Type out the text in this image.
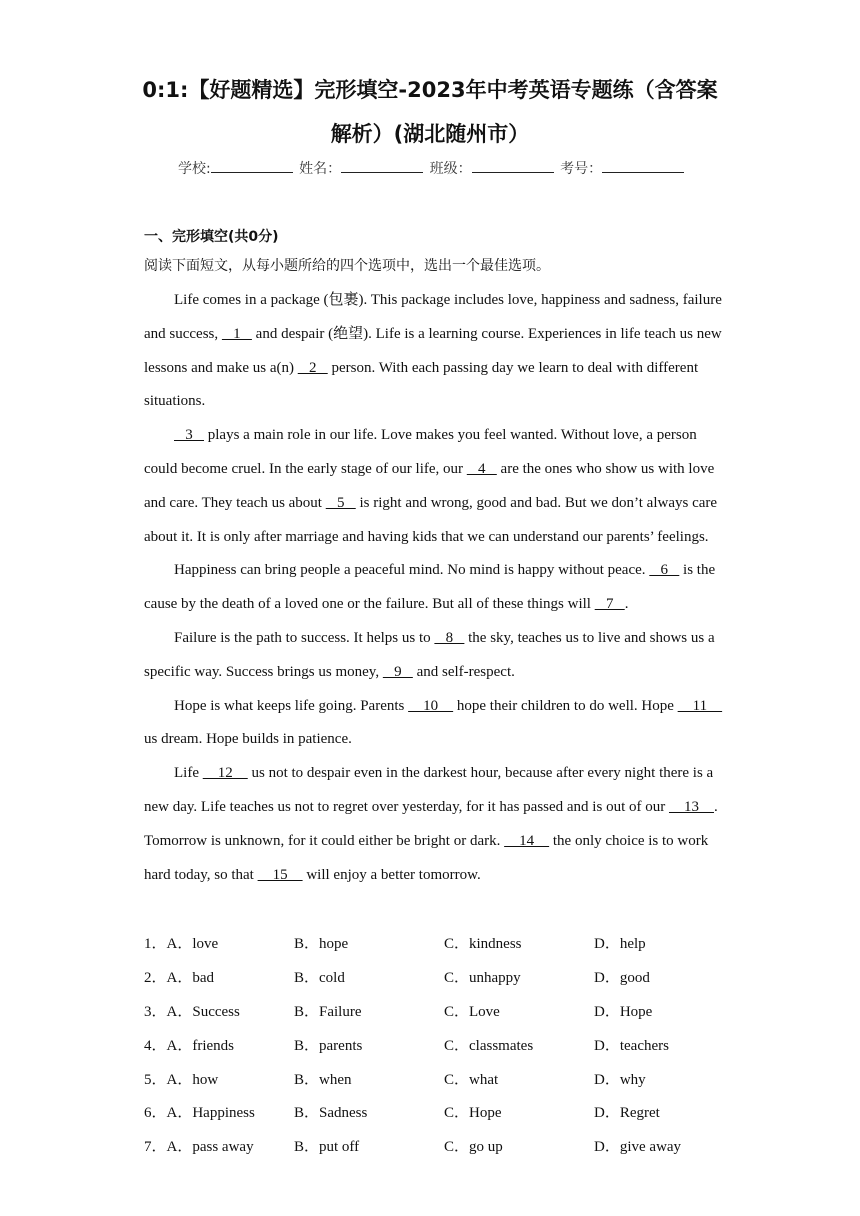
0:1:【好题精选】完形填空-2023年中考英语专题练（含答案
解析）(湖北随州市）
学校:	姓名：	班级：	考号：
一、完形填空(共0分)
阅读下面短文，从每小题所给的四个选项中，选出一个最佳选项。

Life comes in a package (包裹). This package includes love, happiness and sadness, failure and success,    1    and despair (绝望). Life is a learning course. Experiences in life teach us new lessons and make us a(n)    2    person. With each passing day we learn to deal with different situations.

3    plays a main role in our life. Love makes you feel wanted. Without love, a person could become cruel. In the early stage of our life, our    4    are the ones who show us with love and care. They teach us about    5    is right and wrong, good and bad. But we don’t always care about it. It is only after marriage and having kids that we can understand our parents’ feelings.

Happiness can bring people a peaceful mind. No mind is happy without peace.    6    is the cause by the death of a loved one or the failure. But all of these things will    7   .

Failure is the path to success. It helps us to    8    the sky, teaches us to live and shows us a specific way. Success brings us money,    9    and self-respect.

Hope is what keeps life going. Parents     10     hope their children to do well. Hope     11     us dream. Hope builds in patience.

Life     12     us not to despair even in the darkest hour, because after every night there is a new day. Life teaches us not to regret over yesterday, for it has passed and is out of our     13    . Tomorrow is unknown, for it could either be bright or dark.     14     the only choice is to work hard today, so that     15     will enjoy a better tomorrow.

1．A．love	B．hope	C．kindness	D．help
2．A．bad	B．cold	C．unhappy	D．good
3．A．Success	B．Failure	C．Love	D．Hope
4．A．friends	B．parents	C．classmates	D．teachers
5．A．how	B．when	C．what	D．why
6．A．Happiness	B．Sadness	C．Hope	D．Regret
7．A．pass away	B．put off	C．go up	D．give away
